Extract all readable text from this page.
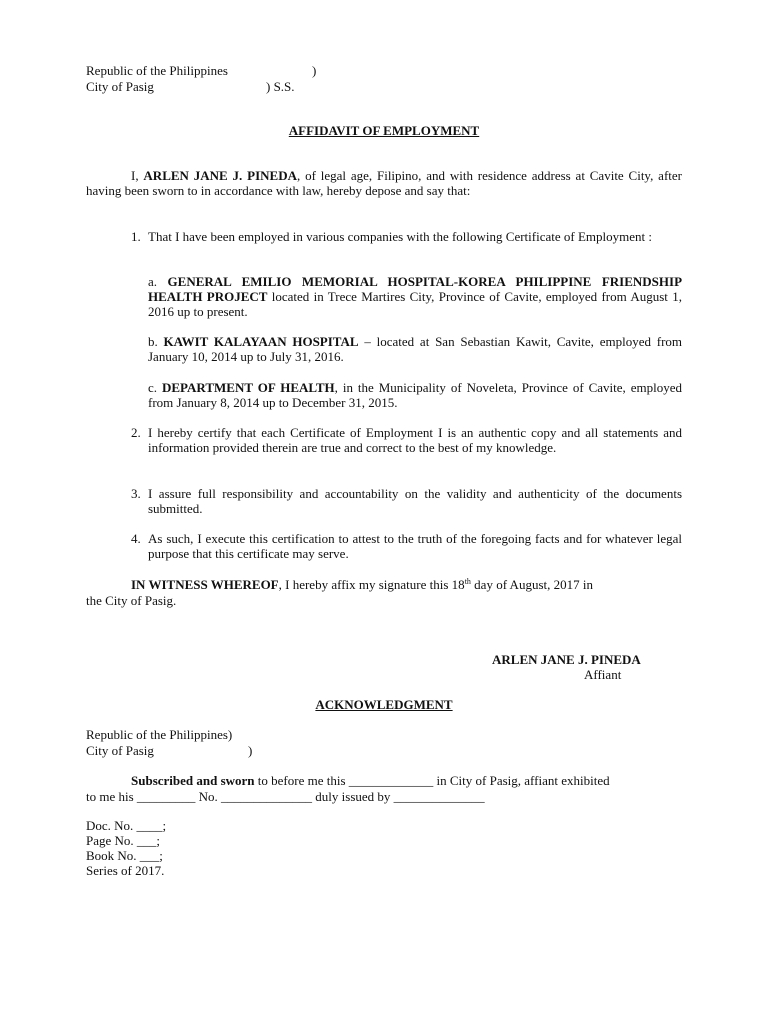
Republic of the Philippines	)
City of Pasig	) S.S.
AFFIDAVIT OF EMPLOYMENT
I, ARLEN JANE J. PINEDA, of legal age, Filipino, and with residence address at Cavite City, after having been sworn to in accordance with law, hereby depose and say that:
1. That I have been employed in various companies with the following Certificate of Employment :
a. GENERAL EMILIO MEMORIAL HOSPITAL-KOREA PHILIPPINE FRIENDSHIP HEALTH PROJECT located in Trece Martires City, Province of Cavite, employed from August 1, 2016 up to present.
b. KAWIT KALAYAAN HOSPITAL – located at San Sebastian Kawit, Cavite, employed from January 10, 2014 up to July 31, 2016.
c. DEPARTMENT OF HEALTH, in the Municipality of Noveleta, Province of Cavite, employed from January 8, 2014 up to December 31, 2015.
2. I hereby certify that each Certificate of Employment I is an authentic copy and all statements and information provided therein are true and correct to the best of my knowledge.
3. I assure full responsibility and accountability on the validity and authenticity of the documents submitted.
4. As such, I execute this certification to attest to the truth of the foregoing facts and for whatever legal purpose that this certificate may serve.
IN WITNESS WHEREOF, I hereby affix my signature this 18th day of August, 2017 in
the City of Pasig.
ARLEN JANE J. PINEDA
Affiant
ACKNOWLEDGMENT
Republic of the Philippines)
City of Pasig	)
Subscribed and sworn to before me this _____________ in City of Pasig, affiant exhibited
to me his _________ No. ______________ duly issued by ______________
Doc. No. ____;
Page No. ___;
Book No. ___;
Series of 2017.
